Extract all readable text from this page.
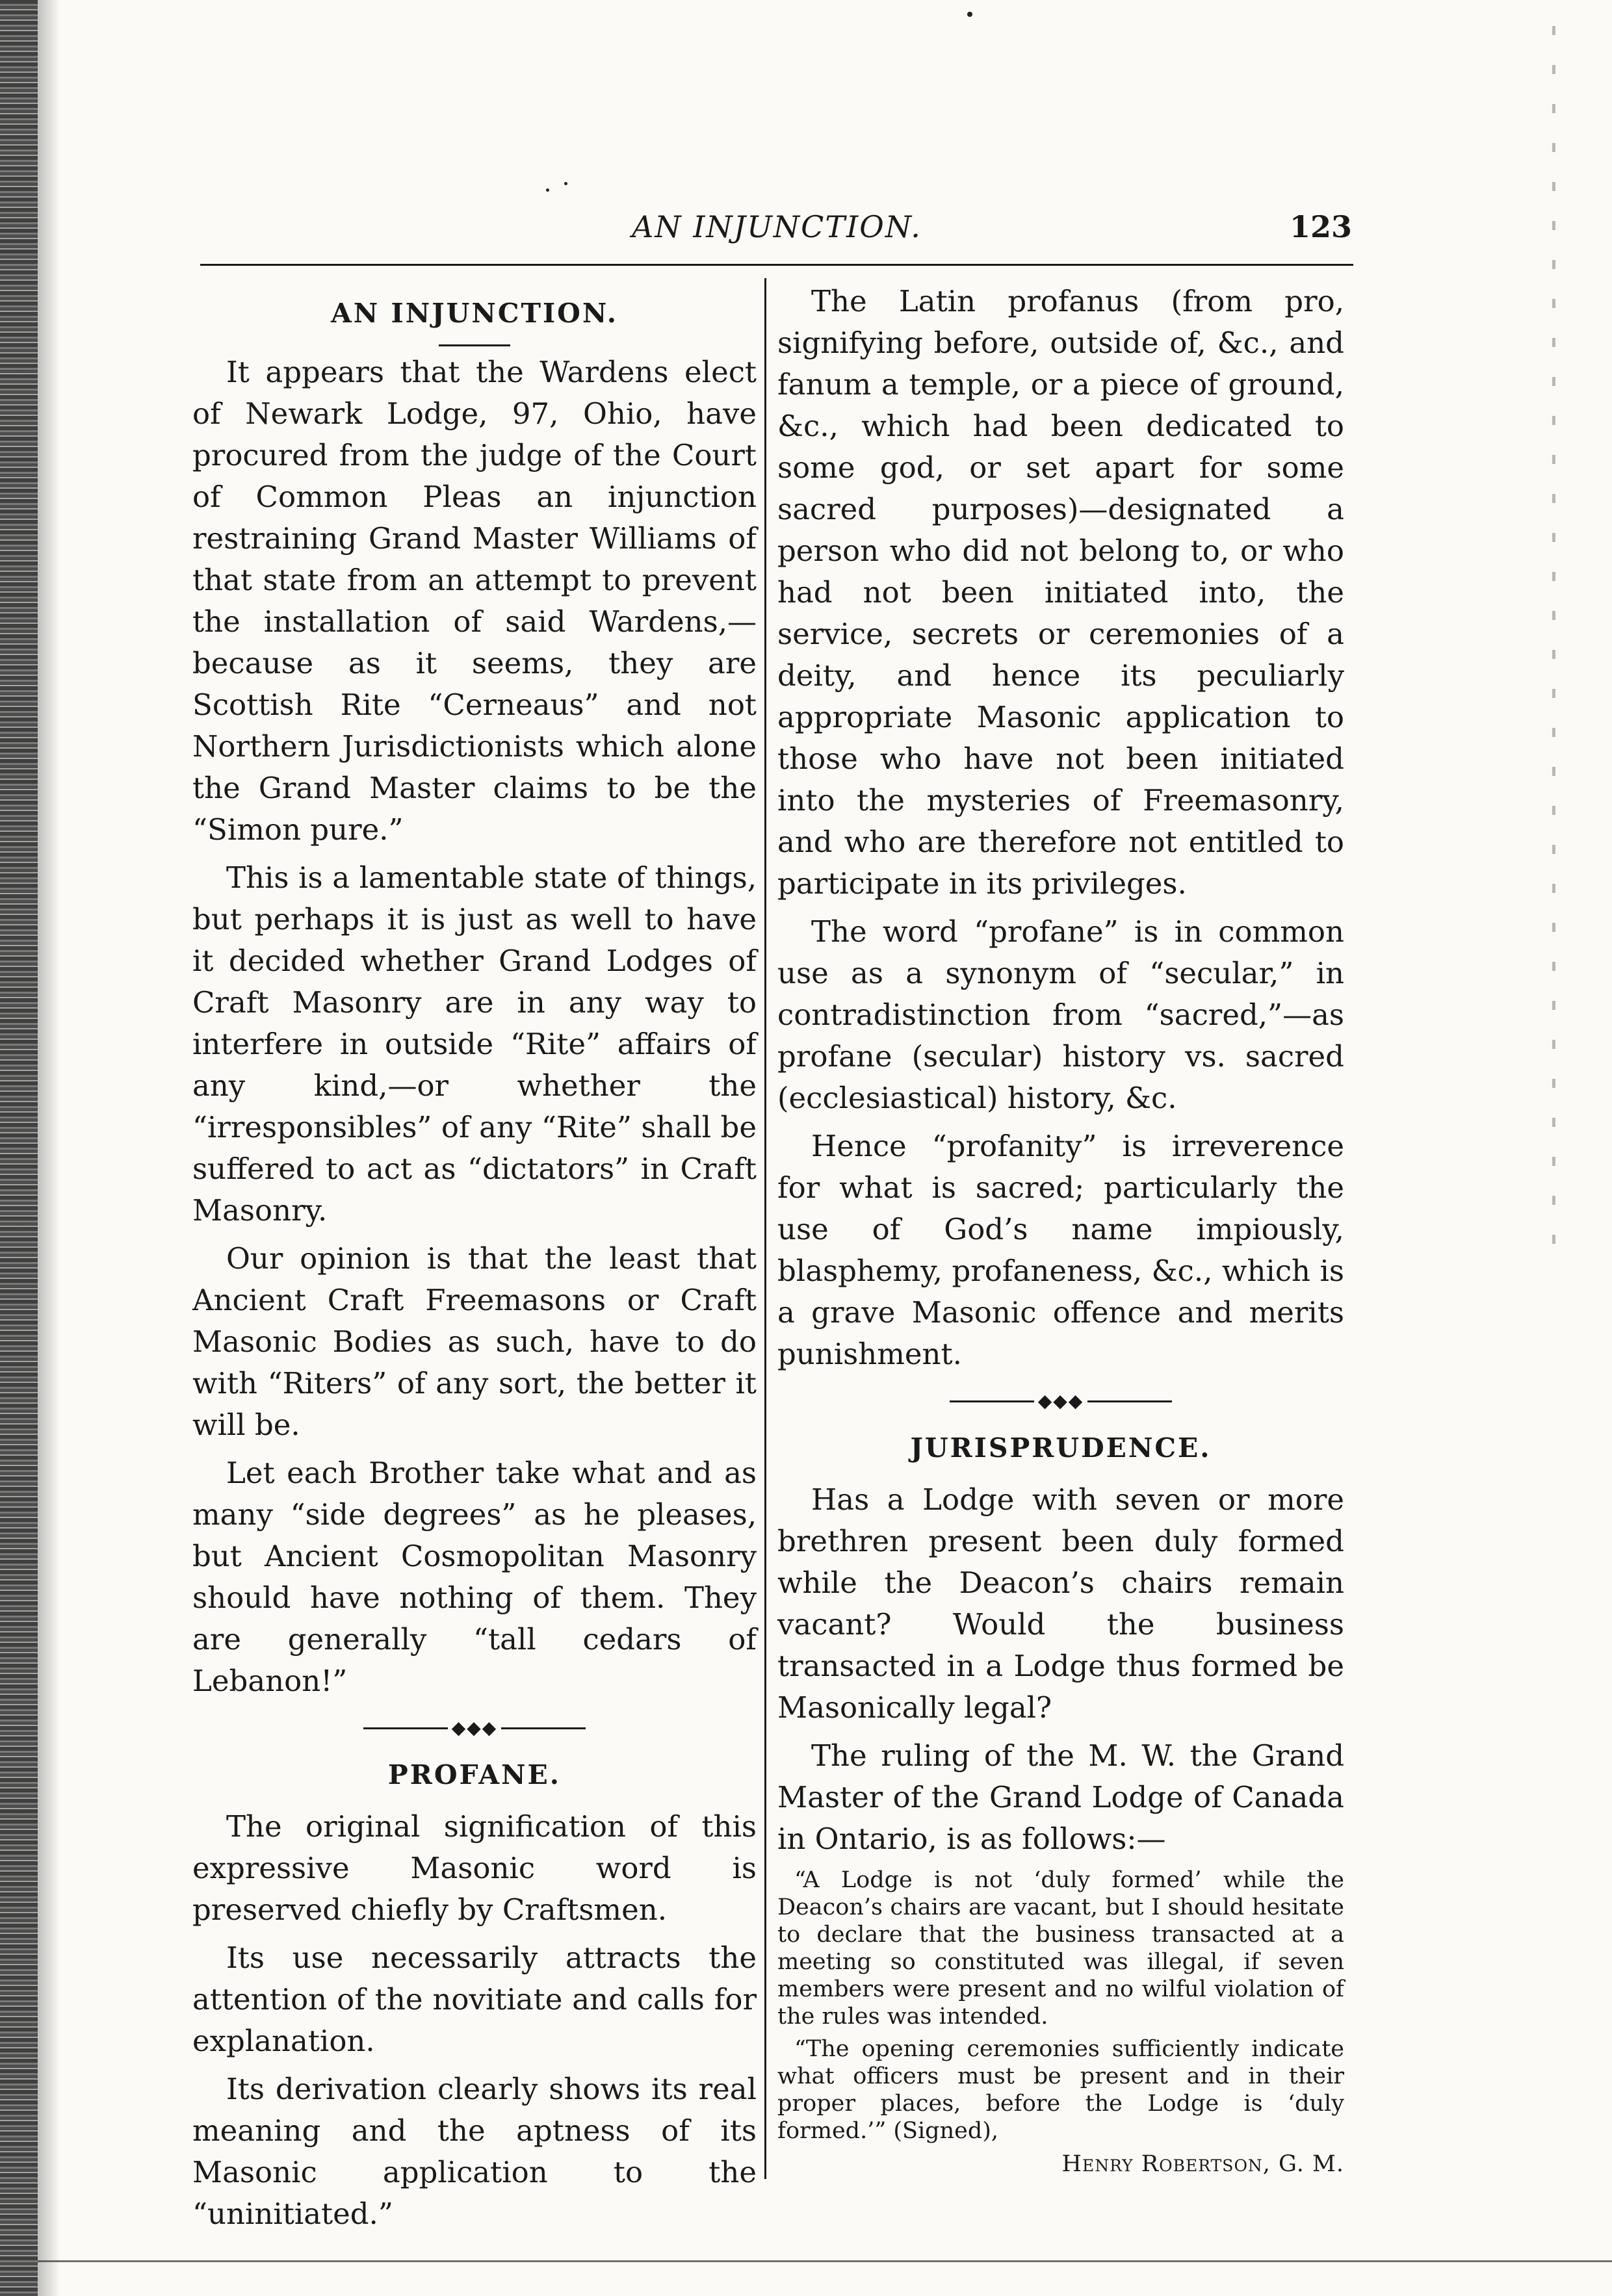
AN INJUNCTION.	123
AN INJUNCTION.

It appears that the Wardens elect of Newark Lodge, 97, Ohio, have procured from the judge of the Court of Common Pleas an injunction restraining Grand Master Williams of that state from an attempt to prevent the installation of said Wardens,—because as it seems, they are Scottish Rite “Cerneaus” and not Northern Jurisdictionists which alone the Grand Master claims to be the “Simon pure.”

This is a lamentable state of things, but perhaps it is just as well to have it decided whether Grand Lodges of Craft Masonry are in any way to interfere in outside “Rite” affairs of any kind,—or whether the “irresponsibles” of any “Rite” shall be suffered to act as “dictators” in Craft Masonry.

Our opinion is that the least that Ancient Craft Freemasons or Craft Masonic Bodies as such, have to do with “Riters” of any sort, the better it will be.

Let each Brother take what and as many “side degrees” as he pleases, but Ancient Cosmopolitan Masonry should have nothing of them. They are generally “tall cedars of Lebanon!”

◆◆◆
PROFANE.

The original signification of this expressive Masonic word is preserved chiefly by Craftsmen.

Its use necessarily attracts the attention of the novitiate and calls for explanation.

Its derivation clearly shows its real meaning and the aptness of its Masonic application to the “uninitiated.”

The Latin profanus (from pro, signifying before, outside of, &c., and fanum a temple, or a piece of ground, &c., which had been dedicated to some god, or set apart for some sacred purposes)—designated a person who did not belong to, or who had not been initiated into, the service, secrets or ceremonies of a deity, and hence its peculiarly appropriate Masonic application to those who have not been initiated into the mysteries of Freemasonry, and who are therefore not entitled to participate in its privileges.

The word “profane” is in common use as a synonym of “secular,” in contradistinction from “sacred,”—as profane (secular) history vs. sacred (ecclesiastical) history, &c.

Hence “profanity” is irreverence for what is sacred; particularly the use of God’s name impiously, blasphemy, profaneness, &c., which is a grave Masonic offence and merits punishment.

◆◆◆
JURISPRUDENCE.

Has a Lodge with seven or more brethren present been duly formed while the Deacon’s chairs remain vacant? Would the business transacted in a Lodge thus formed be Masonically legal?

The ruling of the M. W. the Grand Master of the Grand Lodge of Canada in Ontario, is as follows:—

“A Lodge is not ‘duly formed’ while the Deacon’s chairs are vacant, but I should hesitate to declare that the business transacted at a meeting so constituted was illegal, if seven members were present and no wilful violation of the rules was intended.

“The opening ceremonies sufficiently indicate what officers must be present and in their proper places, before the Lodge is ‘duly formed.’” (Signed),

Henry Robertson, G. M.
